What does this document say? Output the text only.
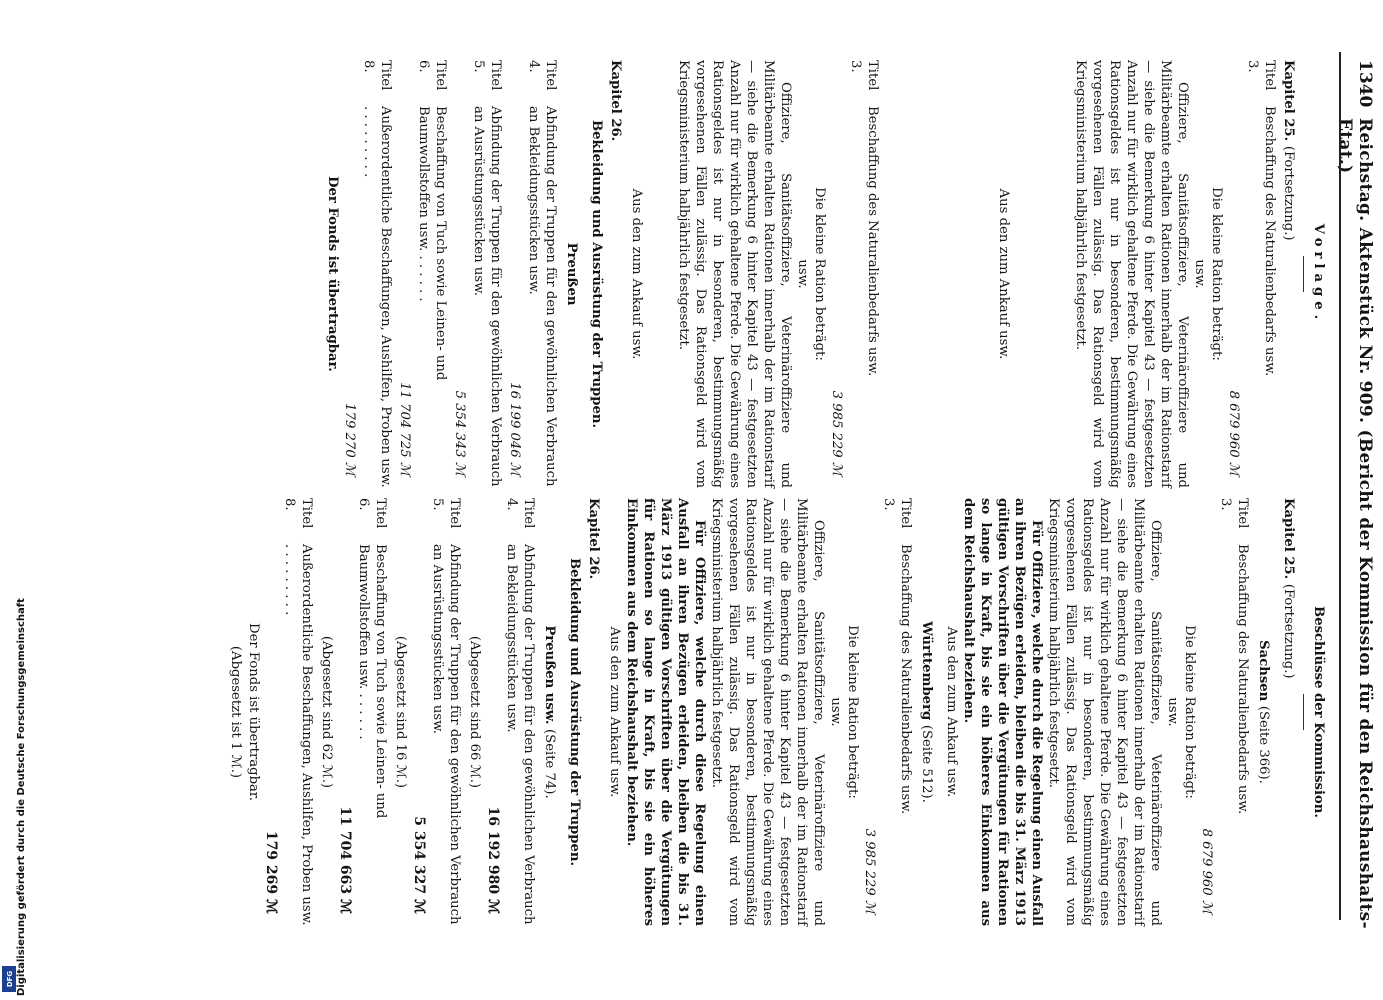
1340
Reichstag. Aktenstück Nr. 909. (Bericht der Kommission für den Reichshaushalts-Etat.)
Vorlage.
Kapitel 25. (Fortsetzung.)
Titel 3.
Beschaffung des Naturalienbedarfs usw.
8 679 960 ℳ
Die kleine Ration beträgt:
usw.
Offiziere, Sanitätsoffiziere, Veterinäroffiziere und Militärbeamte erhalten Rationen innerhalb der im Rationstarif — siehe die Bemerkung 6 hinter Kapitel 43 — festgesetzten Anzahl nur für wirklich gehaltene Pferde. Die Gewährung eines Rationsgeldes ist nur in besonderen, bestimmungsmäßig vorgesehenen Fällen zulässig. Das Rationsgeld wird vom Kriegsministerium halbjährlich festgesetzt.
Aus den zum Ankauf usw.
Titel 3.
Beschaffung des Naturalienbedarfs usw.
3 985 229 ℳ
Die kleine Ration beträgt:
usw.
Offiziere, Sanitätsoffiziere, Veterinäroffiziere und Militärbeamte erhalten Rationen innerhalb der im Rationstarif — siehe die Bemerkung 6 hinter Kapitel 43 — festgesetzten Anzahl nur für wirklich gehaltene Pferde. Die Gewährung eines Rationsgeldes ist nur in besonderen, bestimmungsmäßig vorgesehenen Fällen zulässig. Das Rationsgeld wird vom Kriegsministerium halbjährlich festgesetzt.
Aus den zum Ankauf usw.
Kapitel 26.
Bekleidung und Ausrüstung der Truppen.
Preußen
Titel 4.
Abfindung der Truppen für den gewöhnlichen Verbrauch an Bekleidungsstücken usw.
16 199 046 ℳ
Titel 5.
Abfindung der Truppen für den gewöhnlichen Verbrauch an Ausrüstungsstücken usw.
5 354 343 ℳ
Titel 6.
Beschaffung von Tuch sowie Leinen- und Baumwollstoffen usw. . . . . . .
11 704 725 ℳ
Titel 8.
Außerordentliche Beschaffungen, Aushilfen, Proben usw. . . . . . . . . .
179 270 ℳ
Der Fonds ist übertragbar.
Beschlüsse der Kommission.
Kapitel 25. (Fortsetzung.)
Sachsen (Seite 366).
Titel 3.
Beschaffung des Naturalienbedarfs usw.
8 679 960 ℳ
Die kleine Ration beträgt:
usw.
Offiziere, Sanitätsoffiziere, Veterinäroffiziere und Militärbeamte erhalten Rationen innerhalb der im Rationstarif — siehe die Bemerkung 6 hinter Kapitel 43 — festgesetzten Anzahl nur für wirklich gehaltene Pferde. Die Gewährung eines Rationsgeldes ist nur in besonderen, bestimmungsmäßig vorgesehenen Fällen zulässig. Das Rationsgeld wird vom Kriegsministerium halbjährlich festgesetzt.
Für Offiziere, welche durch die Regelung einen Ausfall an ihren Bezügen erleiden, bleiben die bis 31. März 1913 gültigen Vorschriften über die Vergütungen für Rationen so lange in Kraft, bis sie ein höheres Einkommen aus dem Reichshaushalt beziehen.
Aus den zum Ankauf usw.
Württemberg (Seite 512).
Titel 3.
Beschaffung des Naturalienbedarfs usw.
3 985 229 ℳ
Die kleine Ration beträgt:
usw.
Offiziere, Sanitätsoffiziere, Veterinäroffiziere und Militärbeamte erhalten Rationen innerhalb der im Rationstarif — siehe die Bemerkung 6 hinter Kapitel 43 — festgesetzten Anzahl nur für wirklich gehaltene Pferde. Die Gewährung eines Rationsgeldes ist nur in besonderen, bestimmungsmäßig vorgesehenen Fällen zulässig. Das Rationsgeld wird vom Kriegsministerium halbjährlich festgesetzt.
Für Offiziere, welche durch diese Regelung einen Ausfall an ihren Bezügen erleiden, bleiben die bis 31. März 1913 gültigen Vorschriften über die Vergütungen für Rationen so lange in Kraft, bis sie ein höheres Einkommen aus dem Reichshaushalt beziehen.
Aus den zum Ankauf usw.
Kapitel 26.
Bekleidung und Ausrüstung der Truppen.
Preußen usw. (Seite 74).
Titel 4.
Abfindung der Truppen für den gewöhnlichen Verbrauch an Bekleidungsstücken usw.
16 192 980 ℳ
(Abgesetzt sind 66 ℳ.)
Titel 5.
Abfindung der Truppen für den gewöhnlichen Verbrauch an Ausrüstungsstücken usw.
5 354 327 ℳ
(Abgesetzt sind 16 ℳ.)
Titel 6.
Beschaffung von Tuch sowie Leinen- und Baumwollstoffen usw. . . . . . .
11 704 663 ℳ
(Abgesetzt sind 62 ℳ.)
Titel 8.
Außerordentliche Beschaffungen, Aushilfen, Proben usw. . . . . . . . . .
179 269 ℳ
Der Fonds ist übertragbar.
(Abgesetzt ist 1 ℳ.)
Digitalisierung gefördert durch die Deutsche Forschungsgemeinschaft
DFG
